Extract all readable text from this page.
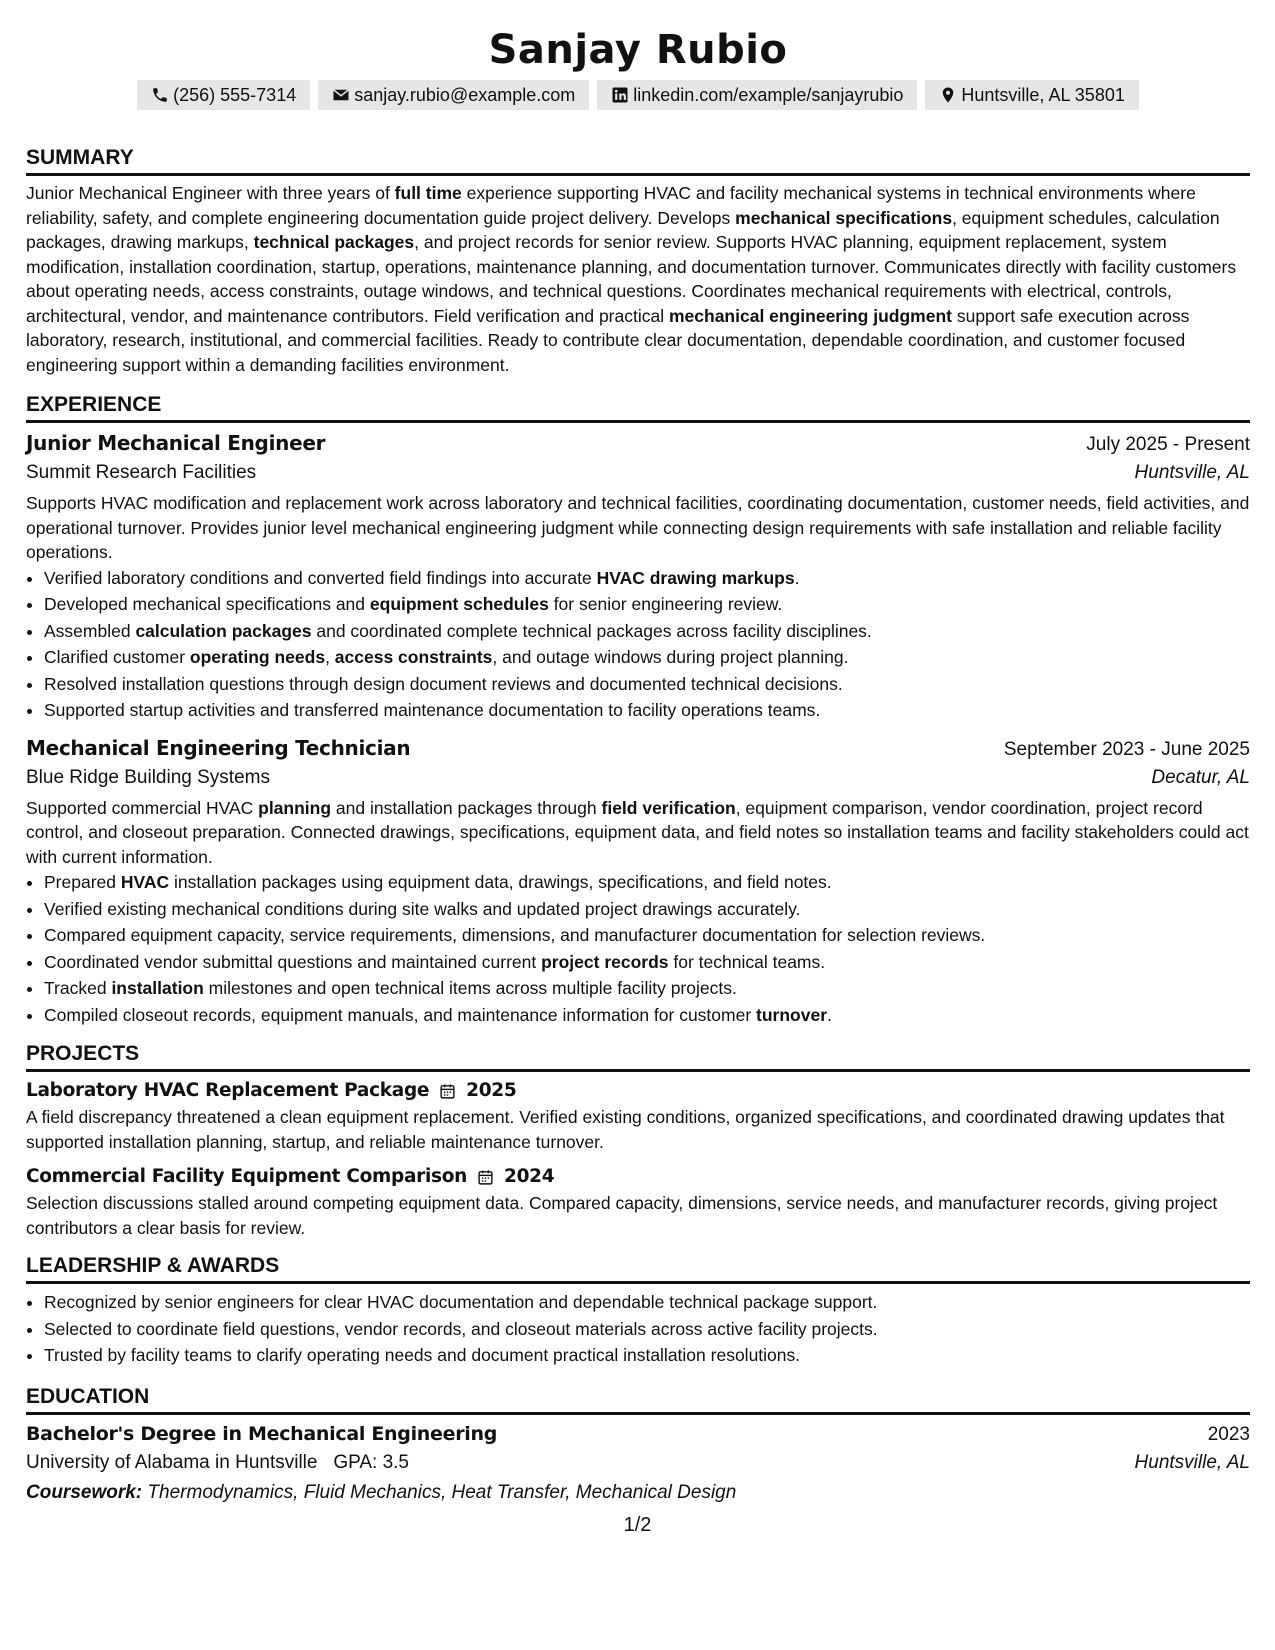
Sanjay Rubio
(256) 555-7314	sanjay.rubio@example.com	linkedin.com/example/sanjayrubio	Huntsville, AL 35801
SUMMARY

Junior Mechanical Engineer with three years of full time experience supporting HVAC and facility mechanical systems in technical environments where reliability, safety, and complete engineering documentation guide project delivery. Develops mechanical specifications, equipment schedules, calculation packages, drawing markups, technical packages, and project records for senior review. Supports HVAC planning, equipment replacement, system modification, installation coordination, startup, operations, maintenance planning, and documentation turnover. Communicates directly with facility customers about operating needs, access constraints, outage windows, and technical questions. Coordinates mechanical requirements with electrical, controls, architectural, vendor, and maintenance contributors. Field verification and practical mechanical engineering judgment support safe execution across laboratory, research, institutional, and commercial facilities. Ready to contribute clear documentation, dependable coordination, and customer focused engineering support within a demanding facilities environment.

EXPERIENCE
Junior Mechanical Engineer	July 2025 - Present
Summit Research Facilities	Huntsville, AL

Supports HVAC modification and replacement work across laboratory and technical facilities, coordinating documentation, customer needs, field activities, and operational turnover. Provides junior level mechanical engineering judgment while connecting design requirements with safe installation and reliable facility operations.

• Verified laboratory conditions and converted field findings into accurate HVAC drawing markups.
• Developed mechanical specifications and equipment schedules for senior engineering review.
• Assembled calculation packages and coordinated complete technical packages across facility disciplines.
• Clarified customer operating needs, access constraints, and outage windows during project planning.
• Resolved installation questions through design document reviews and documented technical decisions.
• Supported startup activities and transferred maintenance documentation to facility operations teams.
Mechanical Engineering Technician	September 2023 - June 2025
Blue Ridge Building Systems	Decatur, AL

Supported commercial HVAC planning and installation packages through field verification, equipment comparison, vendor coordination, project record control, and closeout preparation. Connected drawings, specifications, equipment data, and field notes so installation teams and facility stakeholders could act with current information.

• Prepared HVAC installation packages using equipment data, drawings, specifications, and field notes.
• Verified existing mechanical conditions during site walks and updated project drawings accurately.
• Compared equipment capacity, service requirements, dimensions, and manufacturer documentation for selection reviews.
• Coordinated vendor submittal questions and maintained current project records for technical teams.
• Tracked installation milestones and open technical items across multiple facility projects.
• Compiled closeout records, equipment manuals, and maintenance information for customer turnover.
PROJECTS
Laboratory HVAC Replacement Package 2025

A field discrepancy threatened a clean equipment replacement. Verified existing conditions, organized specifications, and coordinated drawing updates that supported installation planning, startup, and reliable maintenance turnover.

Commercial Facility Equipment Comparison 2024

Selection discussions stalled around competing equipment data. Compared capacity, dimensions, service needs, and manufacturer records, giving project contributors a clear basis for review.

LEADERSHIP & AWARDS
• Recognized by senior engineers for clear HVAC documentation and dependable technical package support.
• Selected to coordinate field questions, vendor records, and closeout materials across active facility projects.
• Trusted by facility teams to clarify operating needs and document practical installation resolutions.
EDUCATION
Bachelor's Degree in Mechanical Engineering	2023
University of Alabama in Huntsville GPA: 3.5	Huntsville, AL
Coursework: Thermodynamics, Fluid Mechanics, Heat Transfer, Mechanical Design
1/2
